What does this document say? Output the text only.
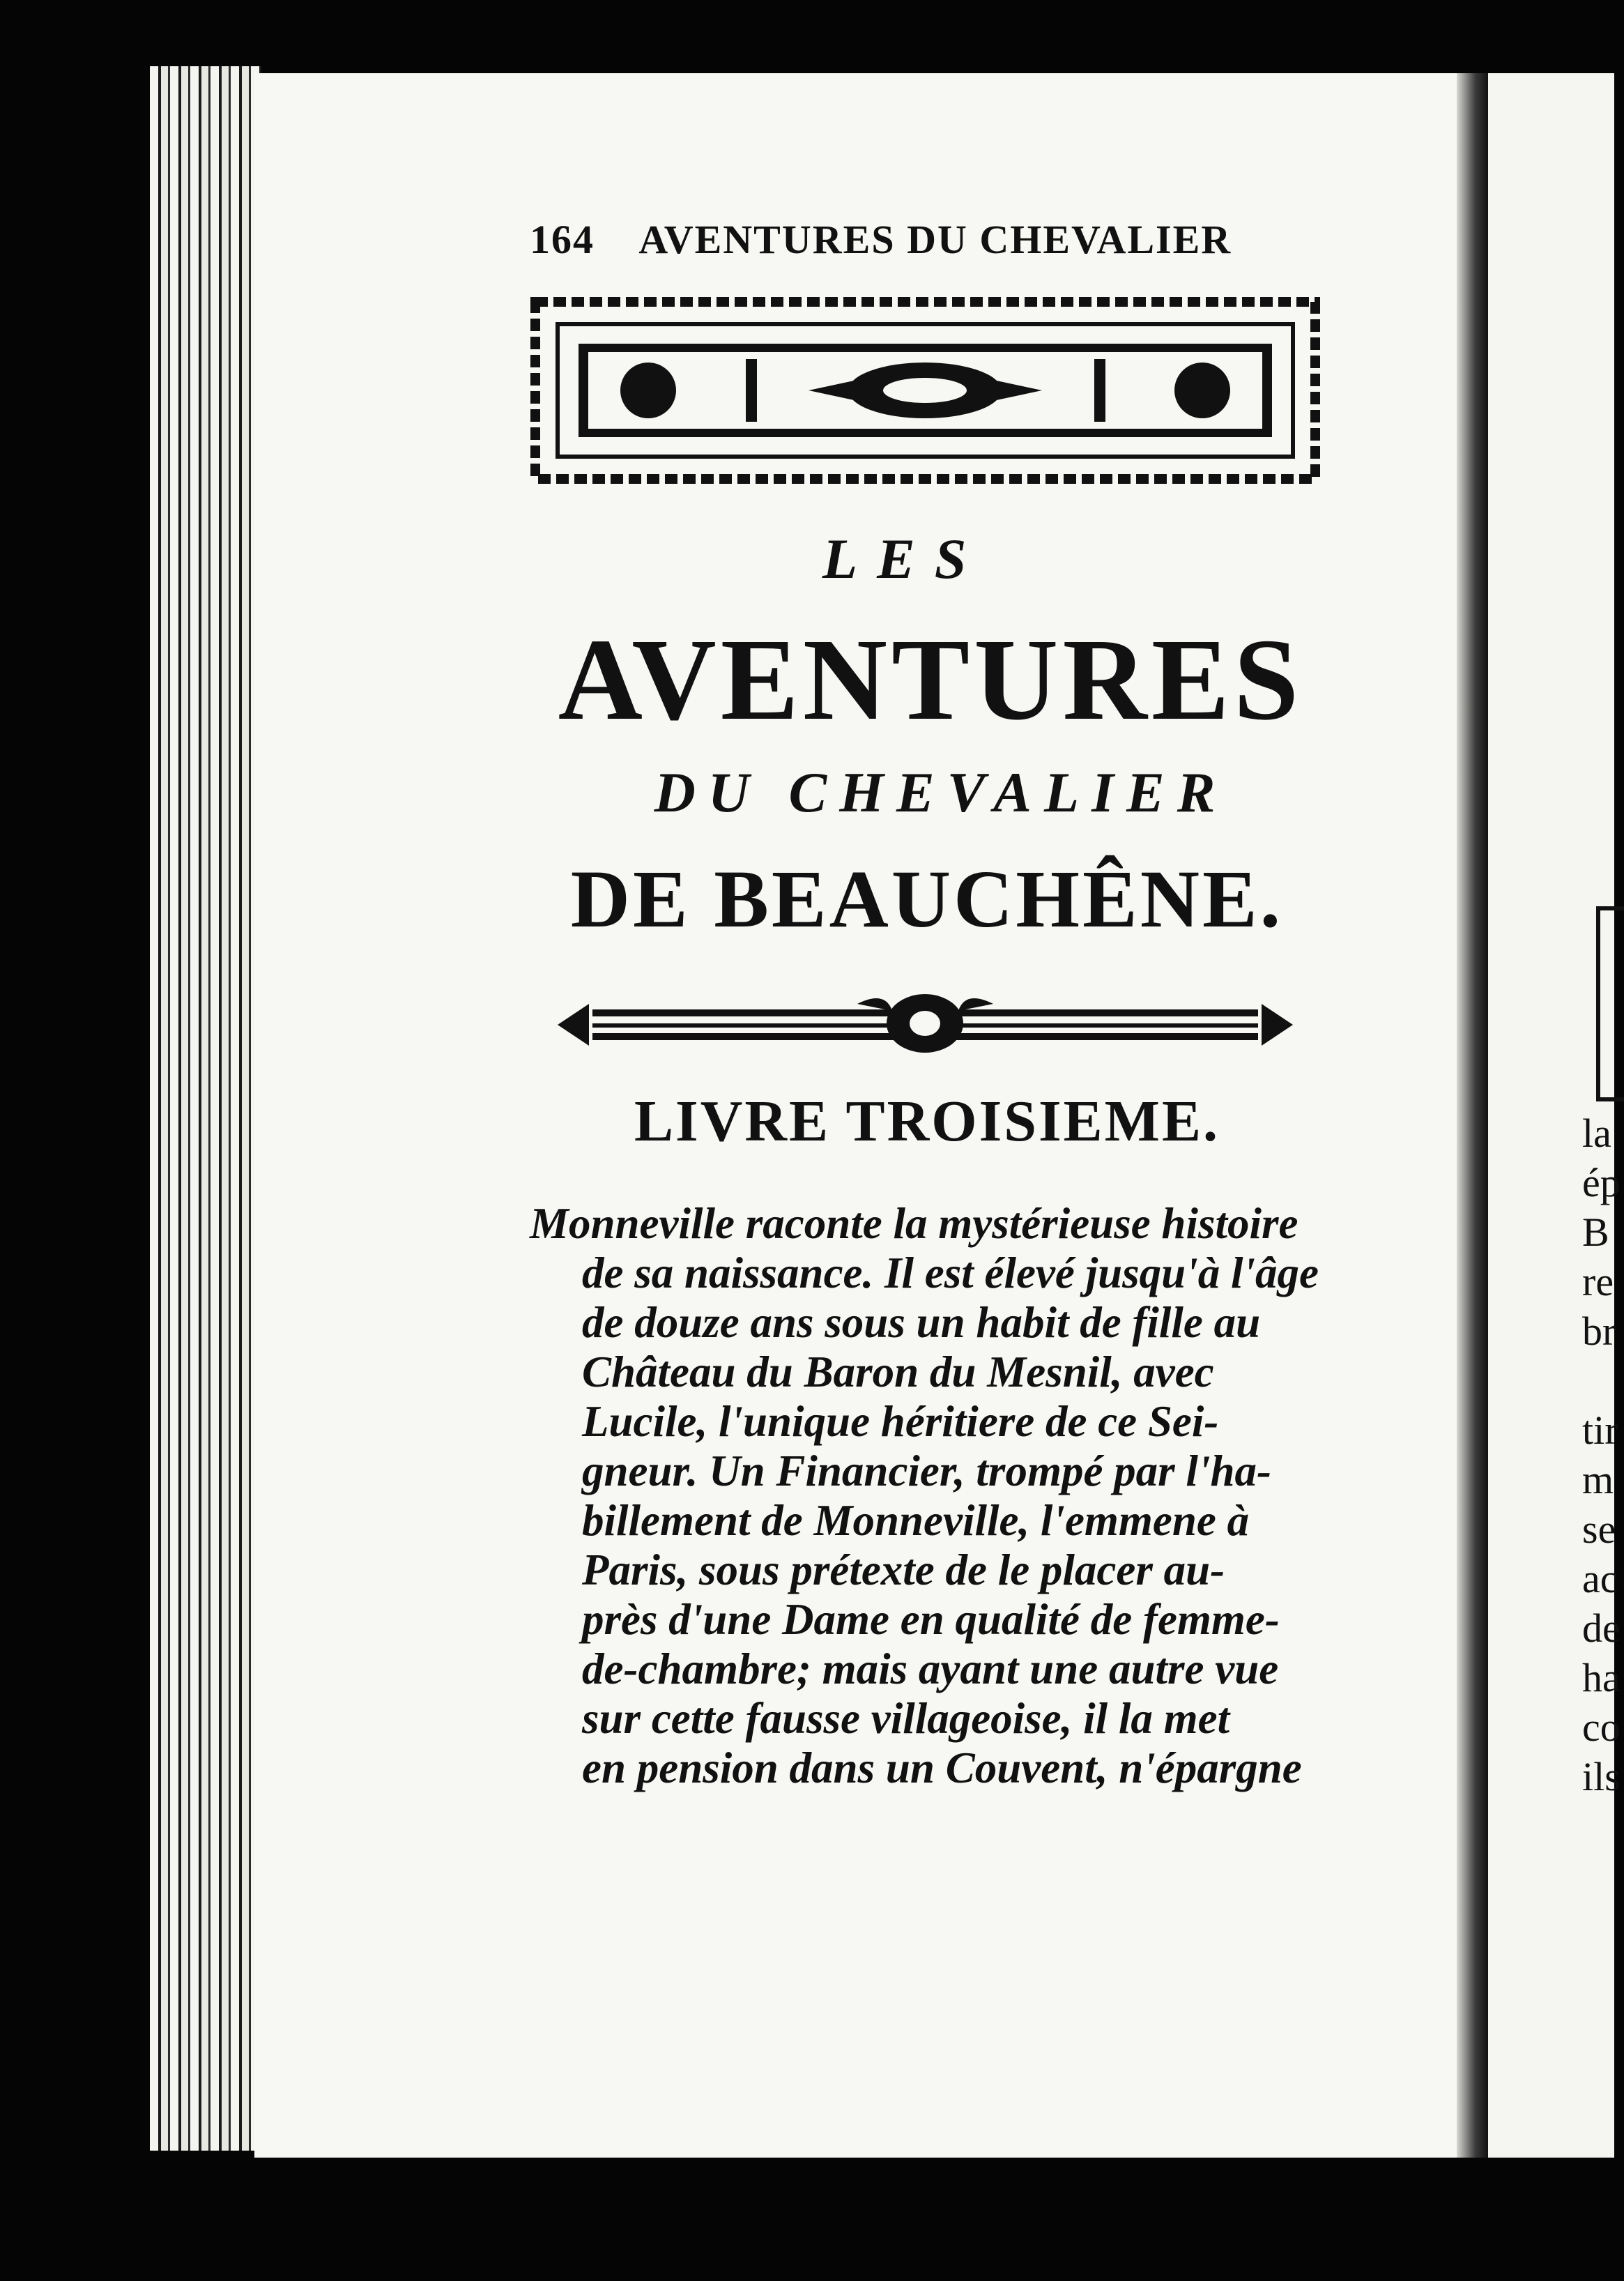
164 AVENTURES DU CHEVALIER
LES
AVENTURES
DU CHEVALIER
DE BEAUCHÊNE.
LIVRE TROISIEME.
Monneville raconte la mystérieuse histoire
de sa naissance. Il est élevé jusqu'à l'âge
de douze ans sous un habit de fille au
Château du Baron du Mesnil, avec
Lucile, l'unique héritiere de ce Sei-
gneur. Un Financier, trompé par l'ha-
billement de Monneville, l'emmene à
Paris, sous prétexte de le placer au-
près d'une Dame en qualité de femme-
de-chambre; mais ayant une autre vue
sur cette fausse villageoise, il la met
en pension dans un Couvent, n'épargne
la
ép
B
re
br

tir
m
se
ac
de
ha
co
ils
